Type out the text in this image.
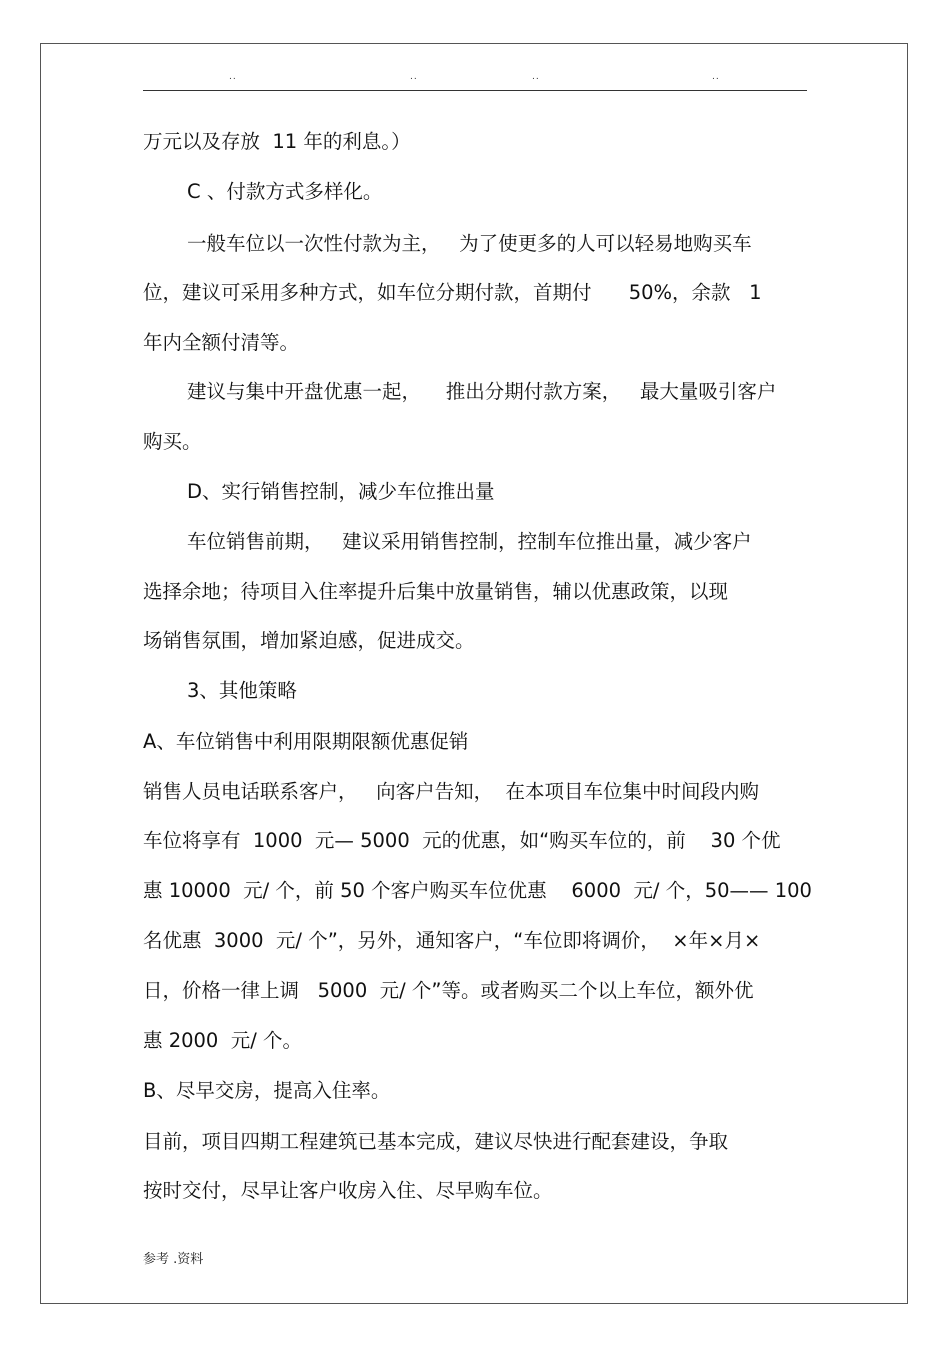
..	..	..	..
万元以及存放  11 年的利息。）
C 、付款方式多样化。
一般车位以一次性付款为主，   为了使更多的人可以轻易地购买车
位，建议可采用多种方式，如车位分期付款，首期付      50%，余款   1
年内全额付清等。
建议与集中开盘优惠一起，    推出分期付款方案，   最大量吸引客户
购买。
D、实行销售控制，减少车位推出量
车位销售前期，   建议采用销售控制，控制车位推出量，减少客户
选择余地；待项目入住率提升后集中放量销售，辅以优惠政策，以现
场销售氛围，增加紧迫感，促进成交。
3、其他策略
A、车位销售中利用限期限额优惠促销
销售人员电话联系客户，   向客户告知，  在本项目车位集中时间段内购
车位将享有  1000  元— 5000  元的优惠，如“购买车位的，前    30 个优
惠 10000  元/ 个，前 50 个客户购买车位优惠    6000  元/ 个，50—— 100
名优惠  3000  元/ 个”，另外，通知客户，“车位即将调价，  ×年×月×
日，价格一律上调   5000  元/ 个”等。或者购买二个以上车位，额外优
惠 2000  元/ 个。
B、尽早交房，提高入住率。
目前，项目四期工程建筑已基本完成，建议尽快进行配套建设，争取
按时交付，尽早让客户收房入住、尽早购车位。
参考 .资料
